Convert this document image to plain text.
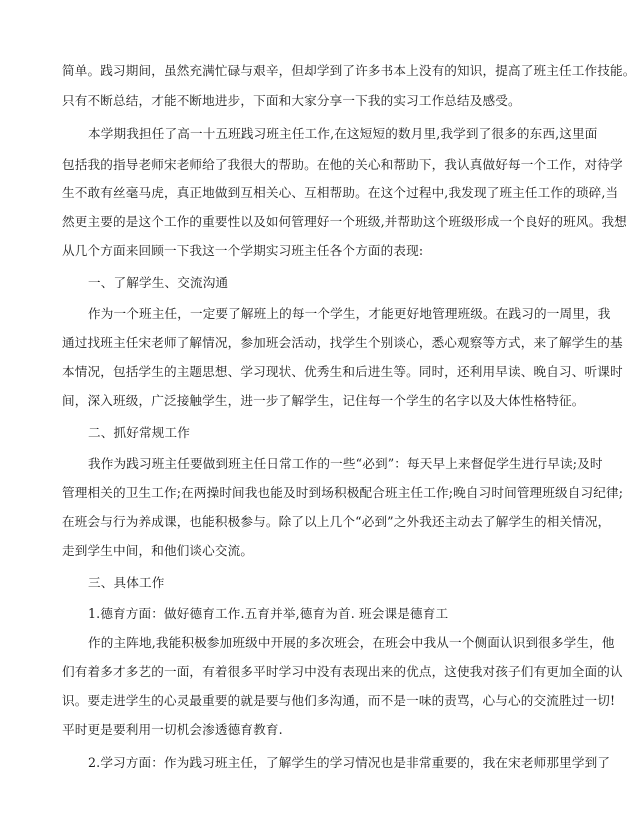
简单。践习期间，虽然充满忙碌与艰辛，但却学到了许多书本上没有的知识，提高了班主任工作技能。
只有不断总结，才能不断地进步，下面和大家分享一下我的实习工作总结及感受。
本学期我担任了高一十五班践习班主任工作,在这短短的数月里,我学到了很多的东西,这里面
包括我的指导老师宋老师给了我很大的帮助。在他的关心和帮助下，我认真做好每一个工作，对待学
生不敢有丝毫马虎，真正地做到互相关心、互相帮助。在这个过程中,我发现了班主任工作的琐碎,当
然更主要的是这个工作的重要性以及如何管理好一个班级,并帮助这个班级形成一个良好的班风。我想
从几个方面来回顾一下我这一个学期实习班主任各个方面的表现:
一、了解学生、交流沟通
作为一个班主任，一定要了解班上的每一个学生，才能更好地管理班级。在践习的一周里，我
通过找班主任宋老师了解情况，参加班会活动，找学生个别谈心，悉心观察等方式，来了解学生的基
本情况，包括学生的主题思想、学习现状、优秀生和后进生等。同时，还利用早读、晚自习、听课时
间，深入班级，广泛接触学生，进一步了解学生，记住每一个学生的名字以及大体性格特征。
二、抓好常规工作
我作为践习班主任要做到班主任日常工作的一些“必到”：每天早上来督促学生进行早读;及时
管理相关的卫生工作;在两操时间我也能及时到场积极配合班主任工作;晚自习时间管理班级自习纪律;
在班会与行为养成课，也能积极参与。除了以上几个“必到”之外我还主动去了解学生的相关情况，
走到学生中间，和他们谈心交流。
三、具体工作
1.德育方面：做好德育工作.五育并举,德育为首. 班会课是德育工
作的主阵地,我能积极参加班级中开展的多次班会，在班会中我从一个侧面认识到很多学生，他
们有着多才多艺的一面，有着很多平时学习中没有表现出来的优点，这使我对孩子们有更加全面的认
识。要走进学生的心灵最重要的就是要与他们多沟通，而不是一味的责骂，心与心的交流胜过一切!
平时更是要利用一切机会渗透德育教育.
2.学习方面：作为践习班主任，了解学生的学习情况也是非常重要的，我在宋老师那里学到了
